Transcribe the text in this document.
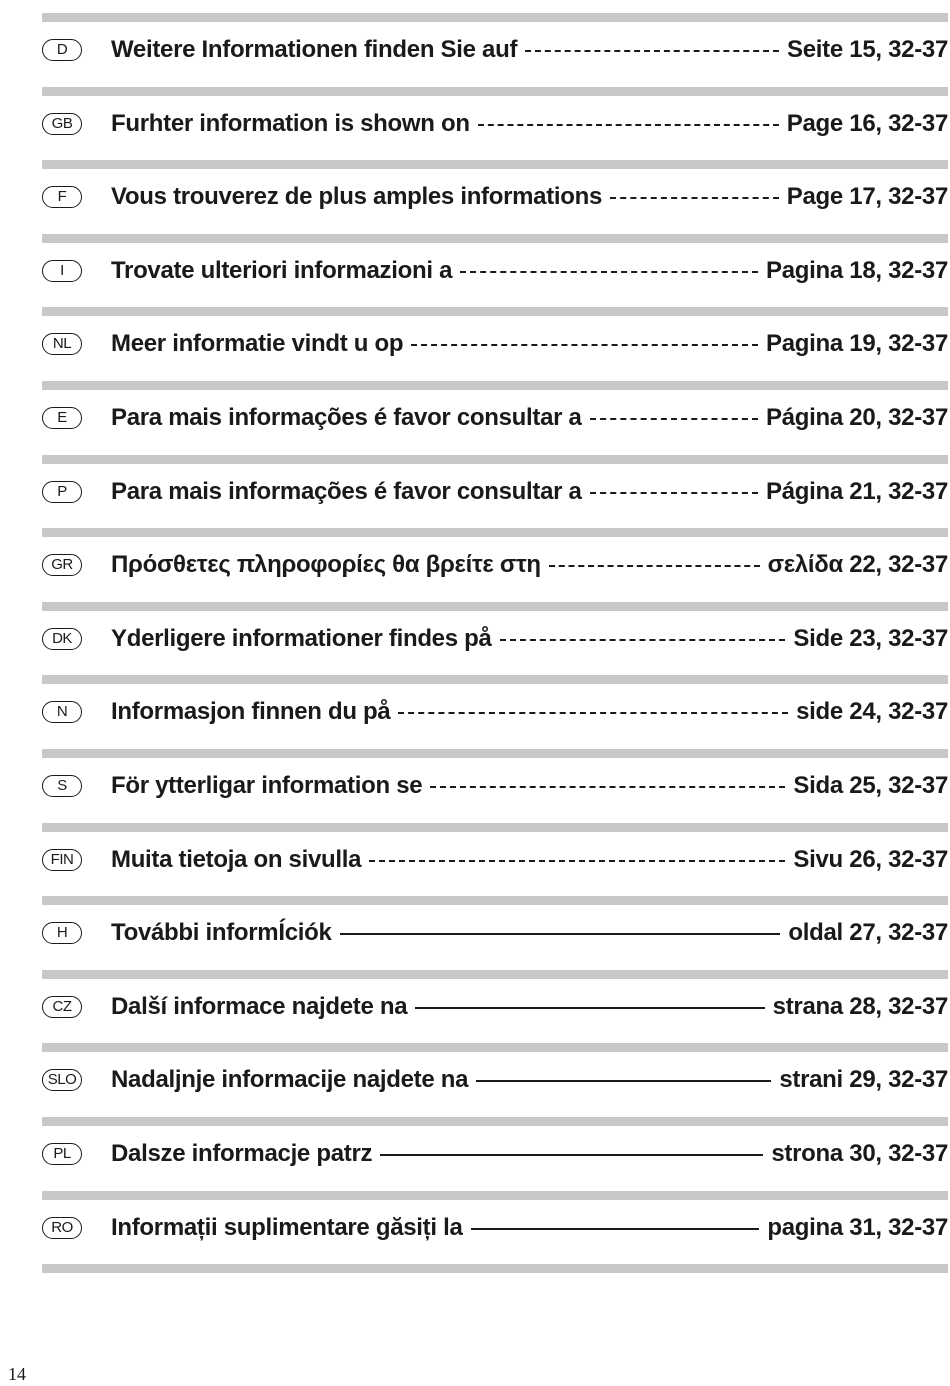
D	Weitere Informationen finden Sie auf	Seite 15, 32-37
GB	Furhter information is shown on	Page 16, 32-37
F	Vous trouverez de plus amples informations	Page 17, 32-37
I	Trovate ulteriori informazioni a	Pagina 18, 32-37
NL	Meer informatie vindt u op	Pagina 19, 32-37
E	Para mais informações é favor consultar a	Página 20, 32-37
P	Para mais informações é favor consultar a	Página 21, 32-37
GR	Πρόσθετες πληροφορίες θα βρείτε στη	σελίδα 22, 32-37
DK	Yderligere informationer findes på	Side 23, 32-37
N	Informasjon finnen du på	side 24, 32-37
S	För ytterligar information se	Sida 25, 32-37
FIN	Muita tietoja on sivulla	Sivu 26, 32-37
H	További informÍciók	oldal 27, 32-37
CZ	Další informace najdete na	strana 28, 32-37
SLO Nadaljnje informacije najdete na	strani 29, 32-37
PL	Dalsze informacje patrz	strona 30, 32-37
RO	Informații suplimentare găsiți la	pagina 31, 32-37
14
